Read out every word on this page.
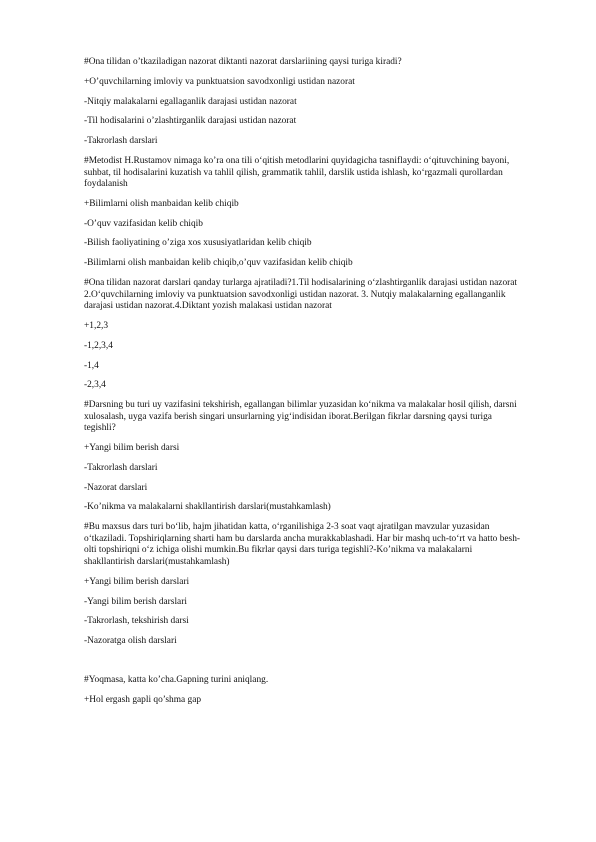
#Ona tilidan o’tkaziladigan nazorat diktanti nazorat darslariining qaysi turiga kiradi?

+O’quvchilarning imloviy va punktuatsion savodxonligi ustidan nazorat

-Nitqiy malakalarni egallaganlik darajasi ustidan nazorat

-Til hodisalarini o’zlashtirganlik darajasi ustidan nazorat

-Takrorlash darslari

#Metodist H.Rustamov nimaga ko’ra ona tili o‘qitish metodlarini quyidagicha tasniflaydi: o‘qituvchining bayoni, suhbat, til hodisalarini kuzatish va tahlil qilish, grammatik tahlil, darslik ustida ishlash, ko‘rgazmali qurollardan foydalanish

+Bilimlarni olish manbaidan kelib chiqib

-O’quv vazifasidan kelib chiqib

-Bilish faoliyatining o’ziga xos xususiyatlaridan kelib chiqib

-Bilimlarni olish manbaidan kelib chiqib,o’quv vazifasidan kelib chiqib

#Ona tilidan nazorat darslari qanday turlarga ajratiladi?1.Til hodisalarining o‘zlashtirganlik darajasi ustidan nazorat 2.O‘quvchilarning imloviy va punktuatsion savodxonligi ustidan nazorat. 3. Nutqiy malakalarning egallanganlik darajasi ustidan nazorat.4.Diktant yozish malakasi ustidan nazorat

+1,2,3

-1,2,3,4

-1,4

-2,3,4

#Darsning bu turi uy vazifasini tekshirish, egallangan bilimlar yuzasidan ko‘nikma va malakalar hosil qilish, darsni xulosalash, uyga vazifa berish singari unsurlarning yig‘indisidan iborat.Berilgan fikrlar darsning qaysi turiga tegishli?

+Yangi bilim berish darsi

-Takrorlash darslari

-Nazorat darslari

-Ko’nikma va malakalarni shakllantirish darslari(mustahkamlash)

#Bu maxsus dars turi bo‘lib, hajm jihatidan katta, o‘rganilishiga 2-3 soat vaqt ajratilgan mavzular yuzasidan o‘tkaziladi. Topshiriqlarning sharti ham bu darslarda ancha murakkablashadi. Har bir mashq uch-to‘rt va hatto besh-olti topshiriqni o‘z ichiga olishi mumkin.Bu fikrlar qaysi dars turiga tegishli?-Ko’nikma va malakalarni shakllantirish darslari(mustahkamlash)

+Yangi bilim berish darslari

-Yangi bilim berish darslari

-Takrorlash, tekshirish darsi

-Nazoratga olish darslari

#Yoqmasa, katta ko’cha.Gapning turini aniqlang.

+Hol ergash gapli qo’shma gap
